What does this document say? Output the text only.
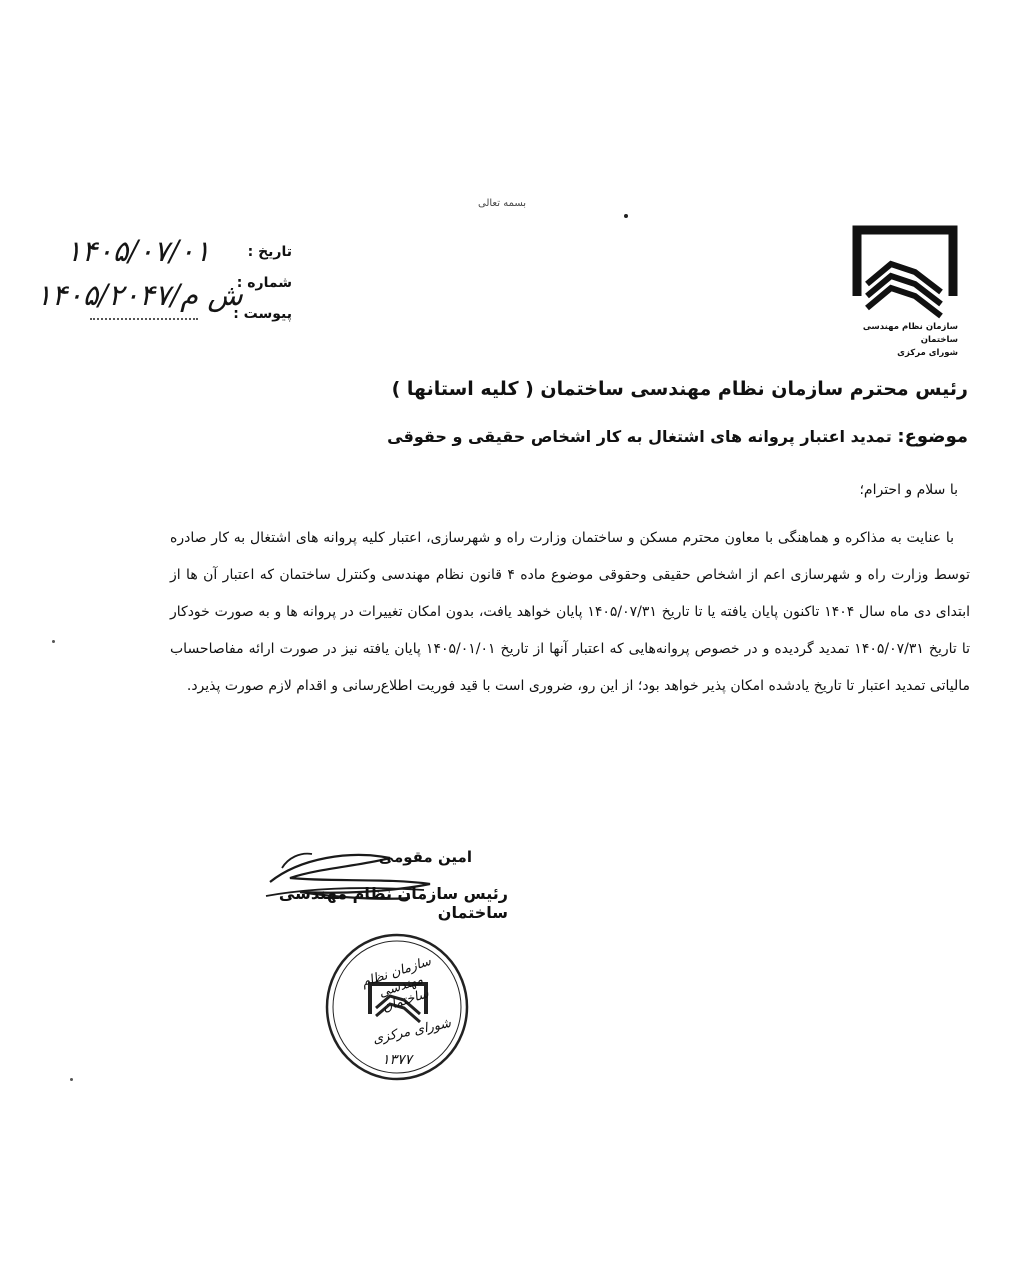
بسمه تعالی
سازمان نظام مهندسی ساختمان
شورای مرکزی
تاریخ :
شماره :
پیوست :
۱۴۰۵/۰۷/۰۱
۱۴۰۵/۲۰۴۷/ش م
رئیس محترم سازمان نظام مهندسی ساختمان ( کلیه استانها )
موضوع: تمدید اعتبار پروانه های اشتغال به کار اشخاص حقیقی و حقوقی
با سلام و احترام؛
با عنایت به مذاکره و هماهنگی با معاون محترم مسکن و ساختمان وزارت راه و شهرسازی، اعتبار کلیه پروانه های اشتغال به کار صادره توسط وزارت راه و شهرسازی اعم از اشخاص حقیقی وحقوقی موضوع ماده ۴ قانون نظام مهندسی وکنترل ساختمان که اعتبار آن ها از ابتدای دی ماه سال ۱۴۰۴ تاکنون پایان یافته یا تا تاریخ ۱۴۰۵/۰۷/۳۱ پایان خواهد یافت، بدون امکان تغییرات در پروانه ها و به صورت خودکار تا تاریخ ۱۴۰۵/۰۷/۳۱ تمدید گردیده و در خصوص پروانه‌هایی که اعتبار آنها از تاریخ ۱۴۰۵/۰۱/۰۱ پایان یافته نیز در صورت ارائه مفاصاحساب مالیاتی تمدید اعتبار تا تاریخ یادشده امکان پذیر خواهد بود؛ از این رو، ضروری است با قید فوریت اطلاع‌رسانی و اقدام لازم صورت پذیرد.
امین مقومی
رئیس سازمان نظام مهندسی ساختمان
سازمان نظام مهندسی ساختمان
شورای مرکزی
۱۳۷۷
